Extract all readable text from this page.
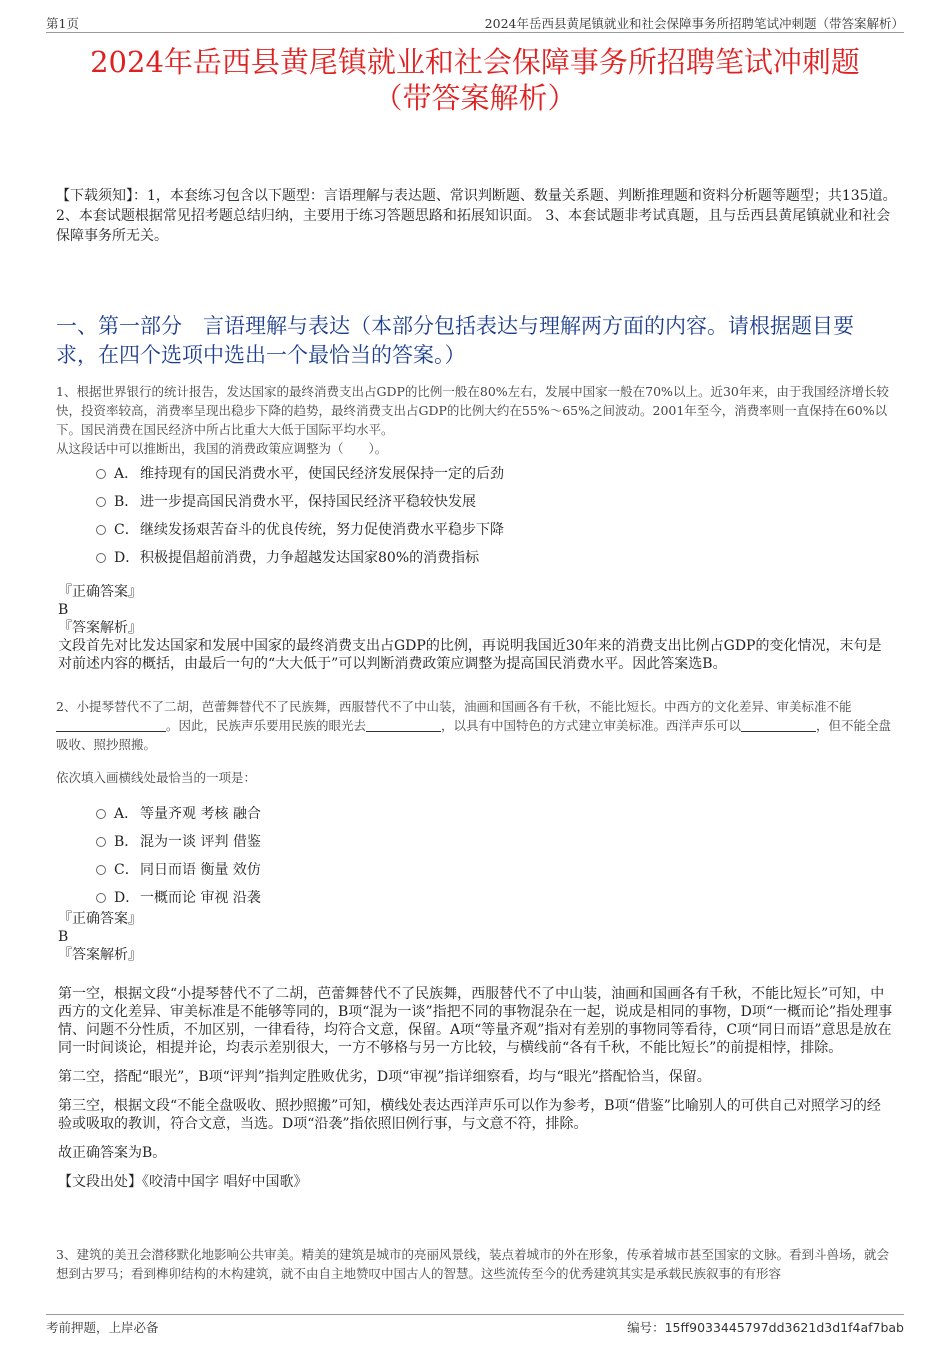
第1页	2024年岳西县黄尾镇就业和社会保障事务所招聘笔试冲刺题（带答案解析）
2024年岳西县黄尾镇就业和社会保障事务所招聘笔试冲刺题
（带答案解析）
【下载须知】：1，本套练习包含以下题型：言语理解与表达题、常识判断题、数量关系题、判断推理题和资料分析题等题型；共135道。 2、本套试题根据常见招考题总结归纳，主要用于练习答题思路和拓展知识面。 3、本套试题非考试真题，且与岳西县黄尾镇就业和社会保障事务所无关。
一、第一部分　言语理解与表达（本部分包括表达与理解两方面的内容。请根据题目要求，在四个选项中选出一个最恰当的答案。）
1、根据世界银行的统计报告，发达国家的最终消费支出占GDP的比例一般在80%左右，发展中国家一般在70%以上。近30年来，由于我国经济增长较快，投资率较高，消费率呈现出稳步下降的趋势，最终消费支出占GDP的比例大约在55%～65%之间波动。2001年至今，消费率则一直保持在60%以下。国民消费在国民经济中所占比重大大低于国际平均水平。
从这段话中可以推断出，我国的消费政策应调整为（　　）。
A． 维持现有的国民消费水平，使国民经济发展保持一定的后劲
B． 进一步提高国民消费水平，保持国民经济平稳较快发展
C．继续发扬艰苦奋斗的优良传统，努力促使消费水平稳步下降
D．积极提倡超前消费，力争超越发达国家80%的消费指标
『正确答案』
B
『答案解析』
文段首先对比发达国家和发展中国家的最终消费支出占GDP的比例，再说明我国近30年来的消费支出比例占GDP的变化情况，末句是对前述内容的概括，由最后一句的“大大低于”可以判断消费政策应调整为提高国民消费水平。因此答案选B。
2、小提琴替代不了二胡，芭蕾舞替代不了民族舞，西服替代不了中山装，油画和国画各有千秋，不能比短长。中西方的文化差异、审美标准不能。因此，民族声乐要用民族的眼光去	，以具有中国特色的方式建立审美标准。西洋声乐可以	，但不能全盘吸收、照抄照搬。
依次填入画横线处最恰当的一项是：
A． 等量齐观 考核 融合
B． 混为一谈 评判 借鉴
C．同日而语 衡量 效仿
D．一概而论 审视 沿袭
『正确答案』
B
『答案解析』

第一空，根据文段“小提琴替代不了二胡，芭蕾舞替代不了民族舞，西服替代不了中山装，油画和国画各有千秋，不能比短长”可知，中西方的文化差异、审美标准是不能够等同的，B项“混为一谈”指把不同的事物混杂在一起，说成是相同的事物，D项“一概而论”指处理事情、问题不分性质，不加区别，一律看待，均符合文意，保留。A项“等量齐观”指对有差别的事物同等看待，C项“同日而语”意思是放在同一时间谈论，相提并论，均表示差别很大，一方不够格与另一方比较，与横线前“各有千秋，不能比短长”的前提相悖，排除。

第二空，搭配“眼光”，B项“评判”指判定胜败优劣，D项“审视”指详细察看，均与“眼光”搭配恰当，保留。

第三空，根据文段“不能全盘吸收、照抄照搬”可知，横线处表达西洋声乐可以作为参考，B项“借鉴”比喻别人的可供自己对照学习的经验或吸取的教训，符合文意，当选。D项“沿袭”指依照旧例行事，与文意不符，排除。

故正确答案为B。

【文段出处】《咬清中国字 唱好中国歌》

3、建筑的美丑会潜移默化地影响公共审美。精美的建筑是城市的亮丽风景线，装点着城市的外在形象，传承着城市甚至国家的文脉。看到斗兽场，就会想到古罗马；看到榫卯结构的木构建筑，就不由自主地赞叹中国古人的智慧。这些流传至今的优秀建筑其实是承载民族叙事的有形容
考前押题，上岸必备	编号：15ff9033445797dd3621d3d1f4af7bab
